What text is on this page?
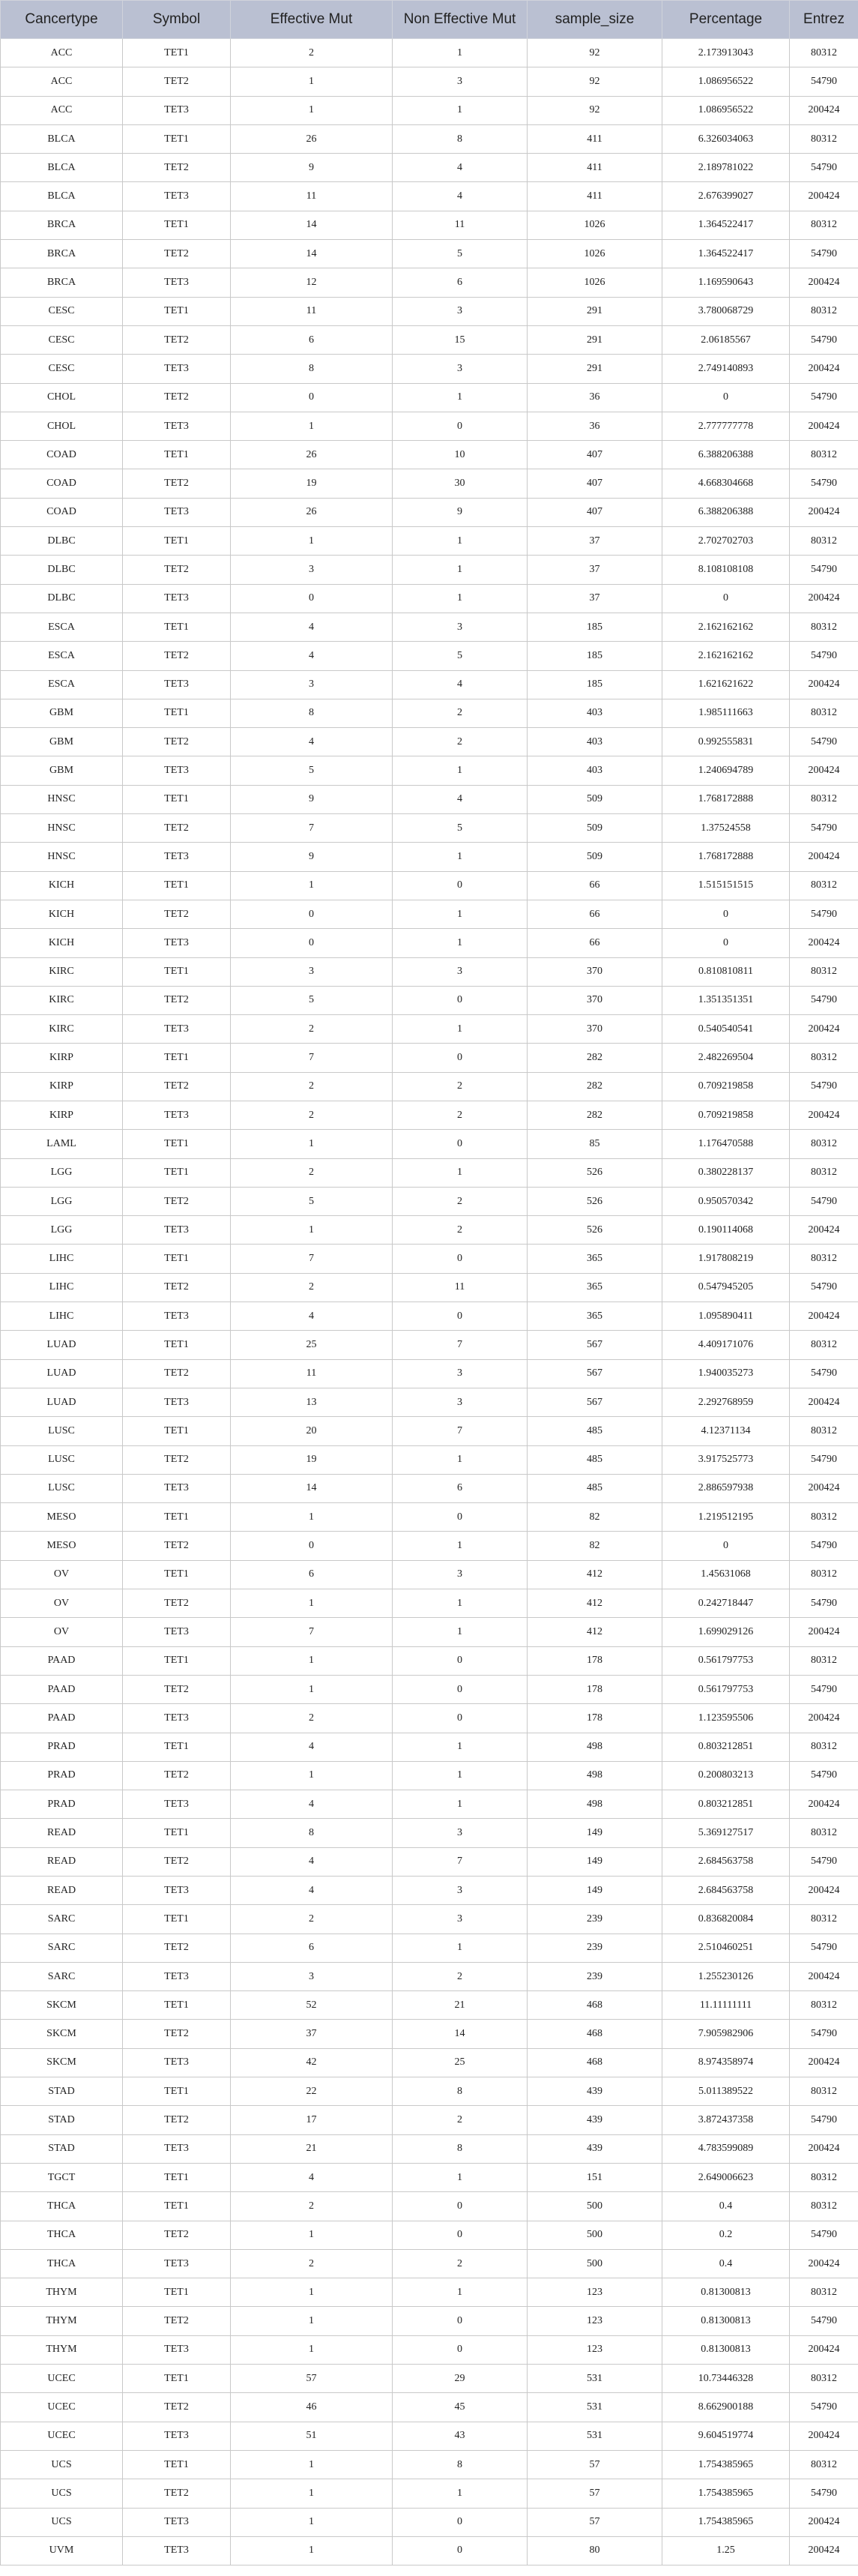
Cancertype	Symbol	Effective Mut	Non Effective Mut	sample_size	Percentage	Entrez
ACC	TET1	2	1	92	2.173913043	80312
ACC	TET2	1	3	92	1.086956522	54790
ACC	TET3	1	1	92	1.086956522	200424
BLCA	TET1	26	8	411	6.326034063	80312
BLCA	TET2	9	4	411	2.189781022	54790
BLCA	TET3	11	4	411	2.676399027	200424
BRCA	TET1	14	11	1026	1.364522417	80312
BRCA	TET2	14	5	1026	1.364522417	54790
BRCA	TET3	12	6	1026	1.169590643	200424
CESC	TET1	11	3	291	3.780068729	80312
CESC	TET2	6	15	291	2.06185567	54790
CESC	TET3	8	3	291	2.749140893	200424
CHOL	TET2	0	1	36	0	54790
CHOL	TET3	1	0	36	2.777777778	200424
COAD	TET1	26	10	407	6.388206388	80312
COAD	TET2	19	30	407	4.668304668	54790
COAD	TET3	26	9	407	6.388206388	200424
DLBC	TET1	1	1	37	2.702702703	80312
DLBC	TET2	3	1	37	8.108108108	54790
DLBC	TET3	0	1	37	0	200424
ESCA	TET1	4	3	185	2.162162162	80312
ESCA	TET2	4	5	185	2.162162162	54790
ESCA	TET3	3	4	185	1.621621622	200424
GBM	TET1	8	2	403	1.985111663	80312
GBM	TET2	4	2	403	0.992555831	54790
GBM	TET3	5	1	403	1.240694789	200424
HNSC	TET1	9	4	509	1.768172888	80312
HNSC	TET2	7	5	509	1.37524558	54790
HNSC	TET3	9	1	509	1.768172888	200424
KICH	TET1	1	0	66	1.515151515	80312
KICH	TET2	0	1	66	0	54790
KICH	TET3	0	1	66	0	200424
KIRC	TET1	3	3	370	0.810810811	80312
KIRC	TET2	5	0	370	1.351351351	54790
KIRC	TET3	2	1	370	0.540540541	200424
KIRP	TET1	7	0	282	2.482269504	80312
KIRP	TET2	2	2	282	0.709219858	54790
KIRP	TET3	2	2	282	0.709219858	200424
LAML	TET1	1	0	85	1.176470588	80312
LGG	TET1	2	1	526	0.380228137	80312
LGG	TET2	5	2	526	0.950570342	54790
LGG	TET3	1	2	526	0.190114068	200424
LIHC	TET1	7	0	365	1.917808219	80312
LIHC	TET2	2	11	365	0.547945205	54790
LIHC	TET3	4	0	365	1.095890411	200424
LUAD	TET1	25	7	567	4.409171076	80312
LUAD	TET2	11	3	567	1.940035273	54790
LUAD	TET3	13	3	567	2.292768959	200424
LUSC	TET1	20	7	485	4.12371134	80312
LUSC	TET2	19	1	485	3.917525773	54790
LUSC	TET3	14	6	485	2.886597938	200424
MESO	TET1	1	0	82	1.219512195	80312
MESO	TET2	0	1	82	0	54790
OV	TET1	6	3	412	1.45631068	80312
OV	TET2	1	1	412	0.242718447	54790
OV	TET3	7	1	412	1.699029126	200424
PAAD	TET1	1	0	178	0.561797753	80312
PAAD	TET2	1	0	178	0.561797753	54790
PAAD	TET3	2	0	178	1.123595506	200424
PRAD	TET1	4	1	498	0.803212851	80312
PRAD	TET2	1	1	498	0.200803213	54790
PRAD	TET3	4	1	498	0.803212851	200424
READ	TET1	8	3	149	5.369127517	80312
READ	TET2	4	7	149	2.684563758	54790
READ	TET3	4	3	149	2.684563758	200424
SARC	TET1	2	3	239	0.836820084	80312
SARC	TET2	6	1	239	2.510460251	54790
SARC	TET3	3	2	239	1.255230126	200424
SKCM	TET1	52	21	468	11.11111111	80312
SKCM	TET2	37	14	468	7.905982906	54790
SKCM	TET3	42	25	468	8.974358974	200424
STAD	TET1	22	8	439	5.011389522	80312
STAD	TET2	17	2	439	3.872437358	54790
STAD	TET3	21	8	439	4.783599089	200424
TGCT	TET1	4	1	151	2.649006623	80312
THCA	TET1	2	0	500	0.4	80312
THCA	TET2	1	0	500	0.2	54790
THCA	TET3	2	2	500	0.4	200424
THYM	TET1	1	1	123	0.81300813	80312
THYM	TET2	1	0	123	0.81300813	54790
THYM	TET3	1	0	123	0.81300813	200424
UCEC	TET1	57	29	531	10.73446328	80312
UCEC	TET2	46	45	531	8.662900188	54790
UCEC	TET3	51	43	531	9.604519774	200424
UCS	TET1	1	8	57	1.754385965	80312
UCS	TET2	1	1	57	1.754385965	54790
UCS	TET3	1	0	57	1.754385965	200424
UVM	TET3	1	0	80	1.25	200424
